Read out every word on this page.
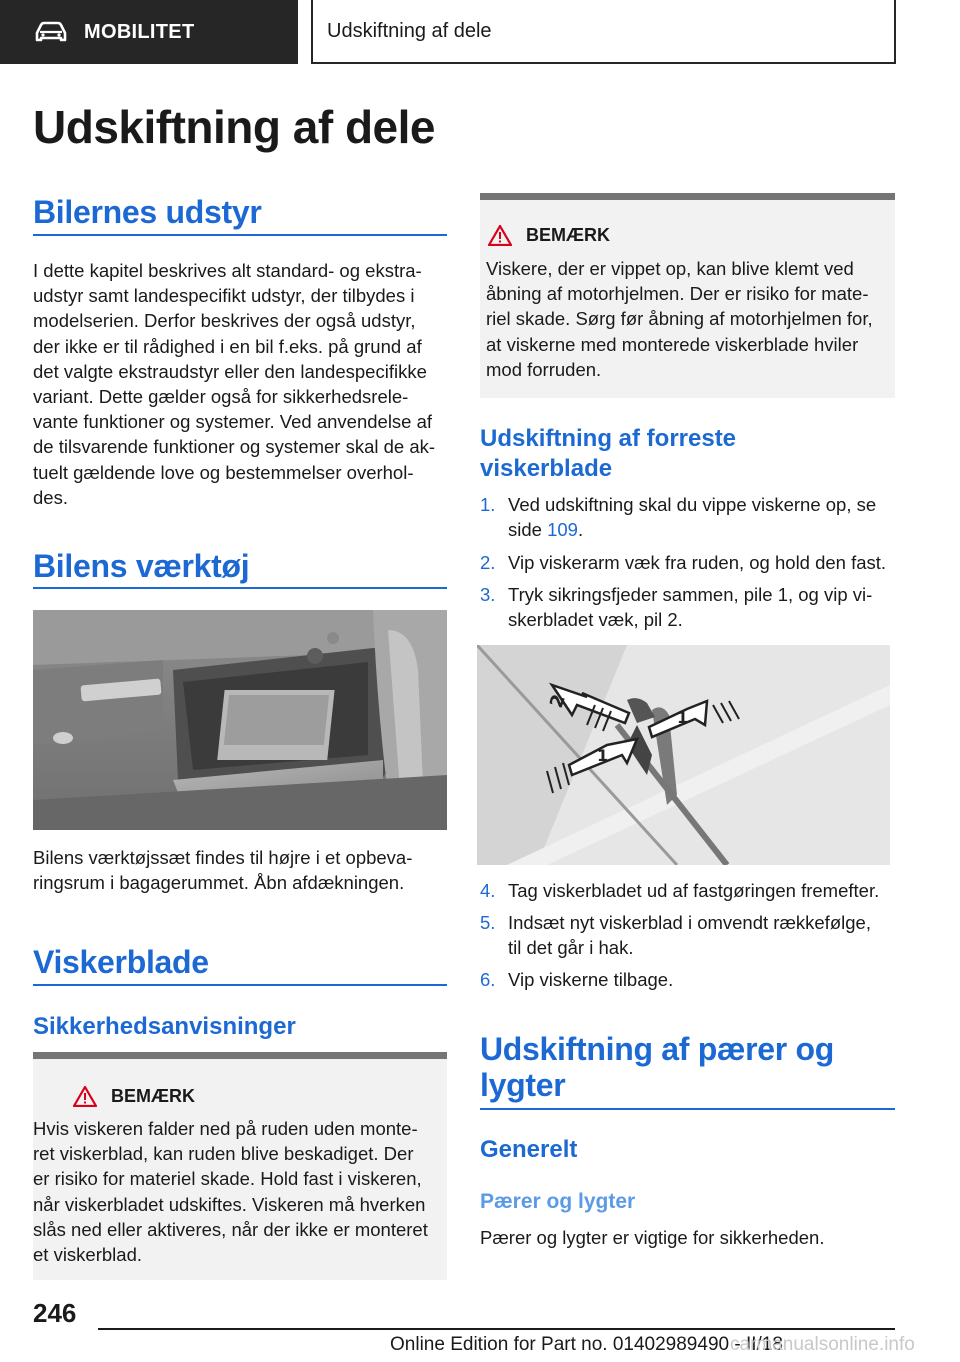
MOBILITET	Udskiftning af dele
Udskiftning af dele
Bilernes udstyr
I dette kapitel beskrives alt standard- og ekstra-
udstyr samt landespecifikt udstyr, der tilbydes i
modelserien. Derfor beskrives der også udstyr,
der ikke er til rådighed i en bil f.eks. på grund af
det valgte ekstraudstyr eller den landespecifikke
variant. Dette gælder også for sikkerhedsrele-
vante funktioner og systemer. Ved anvendelse af
de tilsvarende funktioner og systemer skal de ak-
tuelt gældende love og bestemmelser overhol-
des.
Bilens værktøj
Bilens værktøjssæt findes til højre i et opbeva-
ringsrum i bagagerummet. Åbn afdækningen.
Viskerblade
Sikkerhedsanvisninger
BEMÆRK
Hvis viskeren falder ned på ruden uden monte-
ret viskerblad, kan ruden blive beskadiget. Der
er risiko for materiel skade. Hold fast i viskeren,
når viskerbladet udskiftes. Viskeren må hverken
slås ned eller aktiveres, når der ikke er monteret
et viskerblad.
BEMÆRK
Viskere, der er vippet op, kan blive klemt ved
åbning af motorhjelmen. Der er risiko for mate-
riel skade. Sørg før åbning af motorhjelmen for,
at viskerne med monterede viskerblade hviler
mod forruden.
Udskiftning af forreste
viskerblade
1. Ved udskiftning skal du vippe viskerne op, se
side 109.
2. Vip viskerarm væk fra ruden, og hold den fast.
3. Tryk sikringsfjeder sammen, pile 1, og vip vi-
skerbladet væk, pil 2.
2
1
1
4. Tag viskerbladet ud af fastgøringen fremefter.
5. Indsæt nyt viskerblad i omvendt rækkefølge,
til det går i hak.
6. Vip viskerne tilbage.
Udskiftning af pærer og
lygter
Generelt
Pærer og lygter
Pærer og lygter er vigtige for sikkerheden.
246
Online Edition for Part no. 01402989490 - II/18
carmanualsonline.info
